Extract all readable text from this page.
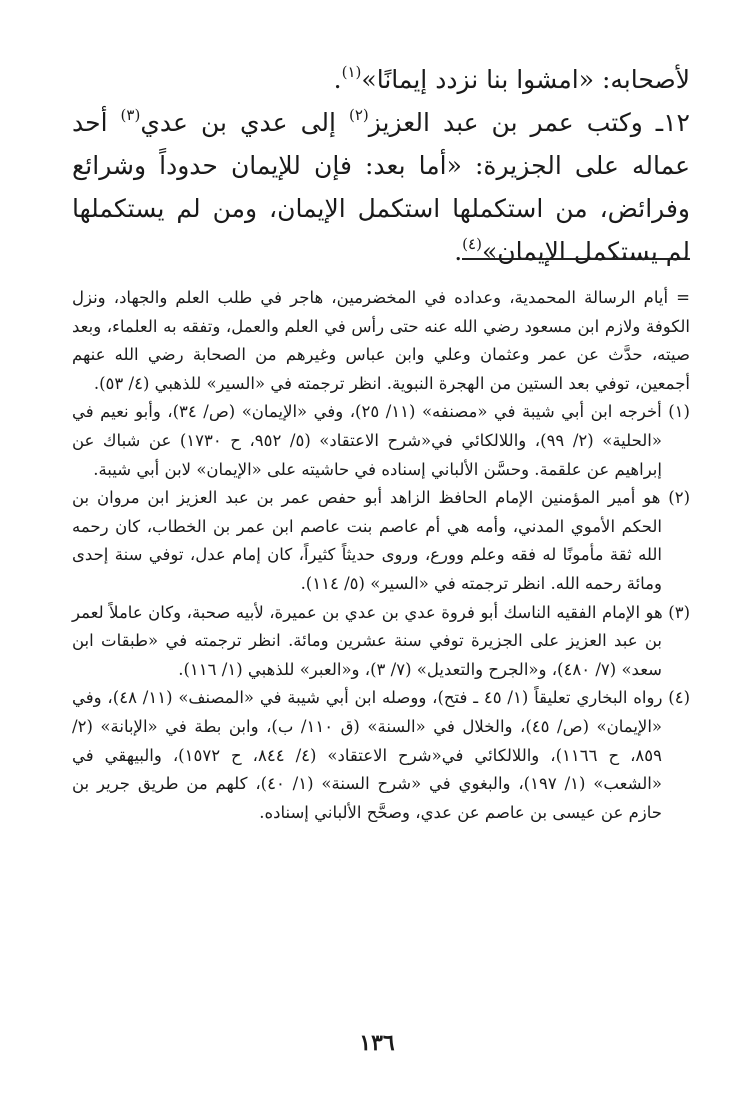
لأصحابه: «امشوا بنا نزدد إيمانًا»$^{(١)}$.

١٢ـ وكتب عمر بن عبد العزيز$^{(٢)}$ إلى عدي بن عدي$^{(٣)}$ أحد عماله على الجزيرة: «أما بعد: فإن للإيمان حدوداً وشرائع وفرائض، من استكملها استكمل الإيمان، ومن لم يستكملها لم يستكمل الإيمان»$^{(٤)}$.

= أيام الرسالة المحمدية، وعداده في المخضرمين، هاجر في طلب العلم والجهاد، ونزل الكوفة ولازم ابن مسعود رضي الله عنه حتى رأس في العلم والعمل، وتفقه به العلماء، وبعد صيته، حدَّث عن عمر وعثمان وعلي وابن عباس وغيرهم من الصحابة رضي الله عنهم أجمعين، توفي بعد الستين من الهجرة النبوية. انظر ترجمته في «السير» للذهبي (٤/ ٥٣).

(١) أخرجه ابن أبي شيبة في «مصنفه» (١١/ ٢٥)، وفي «الإيمان» (ص/ ٣٤)، وأبو نعيم في «الحلية» (٢/ ٩٩)، واللالكائي في«شرح الاعتقاد» (٥/ ٩٥٢، ح ١٧٣٠) عن شباك عن إبراهيم عن علقمة. وحسَّن الألباني إسناده في حاشيته على «الإيمان» لابن أبي شيبة.

(٢) هو أمير المؤمنين الإمام الحافظ الزاهد أبو حفص عمر بن عبد العزيز ابن مروان بن الحكم الأموي المدني، وأمه هي أم عاصم بنت عاصم ابن عمر بن الخطاب، كان رحمه الله ثقة مأمونًا له فقه وعلم وورع، وروى حديثاً كثيراً، كان إمام عدل، توفي سنة إحدى ومائة رحمه الله. انظر ترجمته في «السير» (٥/ ١١٤).

(٣) هو الإمام الفقيه الناسك أبو فروة عدي بن عدي بن عميرة، لأبيه صحبة، وكان عاملاً لعمر بن عبد العزيز على الجزيرة توفي سنة عشرين ومائة. انظر ترجمته في «طبقات ابن سعد» (٧/ ٤٨٠)، و«الجرح والتعديل» (٧/ ٣)، و«العبر» للذهبي (١/ ١١٦).

(٤) رواه البخاري تعليقاً (١/ ٤٥ ـ فتح)، ووصله ابن أبي شيبة في «المصنف» (١١/ ٤٨)، وفي «الإيمان» (ص/ ٤٥)، والخلال في «السنة» (ق ١١٠/ ب)، وابن بطة في «الإبانة» (٢/ ٨٥٩، ح ١١٦٦)، واللالكائي في«شرح الاعتقاد» (٤/ ٨٤٤، ح ١٥٧٢)، والبيهقي في «الشعب» (١/ ١٩٧)، والبغوي في «شرح السنة» (١/ ٤٠)، كلهم من طريق جرير بن حازم عن عيسى بن عاصم عن عدي، وصحَّح الألباني إسناده.

١٣٦
